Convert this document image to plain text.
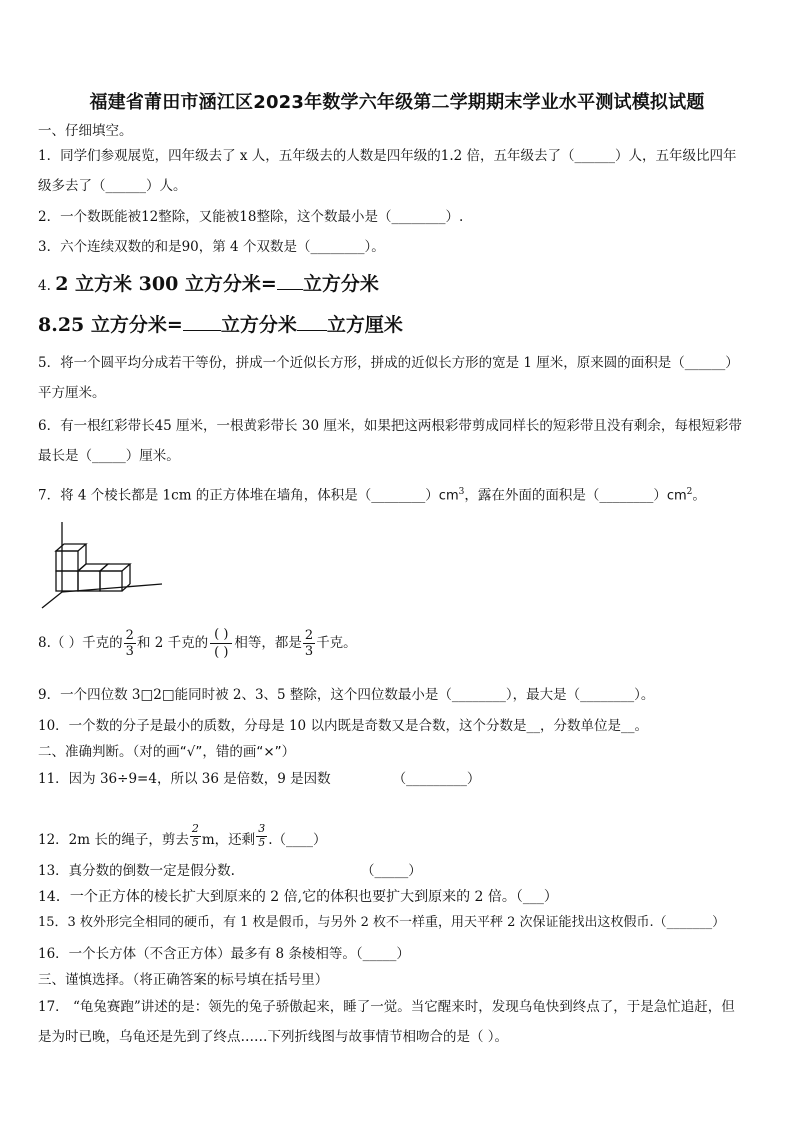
福建省莆田市涵江区2023年数学六年级第二学期期末学业水平测试模拟试题
一、仔细填空。
1．同学们参观展览，四年级去了 x 人，五年级去的人数是四年级的1.2 倍，五年级去了（______）人，五年级比四年
级多去了（______）人。
2．一个数既能被12整除，又能被18整除，这个数最小是（________）.
3．六个连续双数的和是90，第 4 个双数是（________）。
4. 2 立方米 300 立方分米= 立方分米
8.25 立方分米= 立方分米 立方厘米
5．将一个圆平均分成若干等份，拼成一个近似长方形，拼成的近似长方形的宽是 1 厘米，原来圆的面积是（______）
平方厘米。
6．有一根红彩带长45 厘米，一根黄彩带长 30 厘米，如果把这两根彩带剪成同样长的短彩带且没有剩余，每根短彩带
最长是（_____）厘米。
7．将 4 个棱长都是 1cm 的正方体堆在墙角，体积是$(\_\_\_\_\_\_\_\_)cm^3$，露在外面的面积是$(\_\_\_\_\_\_\_\_)cm^2$。
8.（ ）千克的 $\frac{2}{3}$ 和 2 千克的 $\frac{( )}{( )}$ 相等，都是 $\frac{2}{3}$ 千克。
9．一个四位数 3□2□能同时被 2、3、5 整除，这个四位数最小是（________），最大是（________）。
10．一个数的分子是最小的质数，分母是 10 以内既是奇数又是合数，这个分数是__，分数单位是__。
二、准确判断。（对的画“√”，错的画“×”）
11．因为 36÷9=4，所以 36 是倍数，9 是因数	（_________）
12．2m 长的绳子，剪去 $\frac{2}{5}$ m，还剩 $\frac{3}{5}$ .（____）
13．真分数的倒数一定是假分数.	（_____）
14．一个正方体的棱长扩大到原来的 2 倍,它的体积也要扩大到原来的 2 倍。（___）
15．3 枚外形完全相同的硬币，有 1 枚是假币，与另外 2 枚不一样重，用天平秤 2 次保证能找出这枚假币.（_______）
16．一个长方体（不含正方体）最多有 8 条棱相等。（_____）
三、谨慎选择。（将正确答案的标号填在括号里）
17． “龟兔赛跑”讲述的是：领先的兔子骄傲起来，睡了一觉。当它醒来时，发现乌龟快到终点了，于是急忙追赶，但
是为时已晚，乌龟还是先到了终点……下列折线图与故事情节相吻合的是（ ）。
